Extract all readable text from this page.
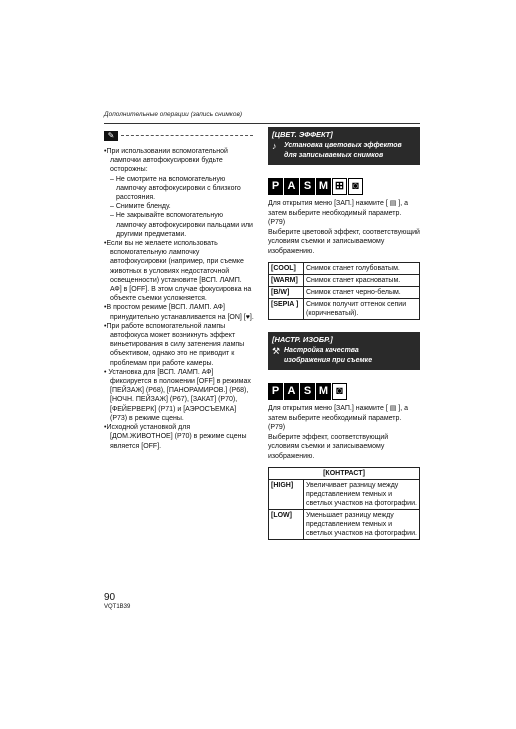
Дополнительные операции (запись снимков)
✎

•При использовании вспомогательной лампочки автофокусировки будьте осторожны:

– Не смотрите на вспомогательную лампочку автофокусировки с близкого расстояния.

– Снимите бленду.

– Не закрывайте вспомогательную лампочку автофокусировки пальцами или другими предметами.

•Если вы не желаете использовать вспомогательную лампочку автофокусировки (например, при съемке животных в условиях недостаточной освещенности) установите [ВСП. ЛАМП. АФ] в [OFF]. В этом случае фокусировка на объекте съемки усложняется.

•В простом режиме [ВСП. ЛАМП. АФ] принудительно устанавливается на [ON] [♥].

•При работе вспомогательной лампы автофокуса может возникнуть эффект виньетирования в силу затенения лампы объективом, однако это не приводит к проблемам при работе камеры.

• Установка для [ВСП. ЛАМП. АФ] фиксируется в положении [OFF] в режимах [ПЕЙЗАЖ] (P68), [ПАНОРАМИРОВ.] (P68), [НОЧН. ПЕЙЗАЖ] (P67), [ЗАКАТ] (P70), [ФЕЙЕРВЕРК] (P71) и [АЭРОСЪЕМКА] (P73) в режиме сцены.

•Исходной установкой для [ДОМ.ЖИВОТНОЕ] (P70) в режиме сцены является [OFF].

[ЦВЕТ. ЭФФЕКТ]
♪	Установка цветовых эффектов
для записываемых снимков
P A S M ⊞ ◙

Для открытия меню [ЗАП.] нажмите [ ▤ ], а затем выберите необходимый параметр. (P79)

Выберите цветовой эффект, соответствующий условиям съемки и записываемому изображению.

[COOL]	Снимок станет голубоватым.
[WARM]	Снимок станет красноватым.
[B/W]	Снимок станет черно-белым.
[SEPIA ]	Снимок получит оттенок сепии (коричневатый).
[НАСТР. ИЗОБР.]
⚒ Настройка качества
изображения при съемке
P A S M ◙

Для открытия меню [ЗАП.] нажмите [ ▤ ], а затем выберите необходимый параметр. (P79)

Выберите эффект, соответствующий условиям съемки и записываемому изображению.

[КОНТРАСТ]	
[HIGH]	Увеличивает разницу между представлением темных и светлых участков на фотографии.
[LOW]	Уменьшает разницу между представлением темных и светлых участков на фотографии.
90
VQT1B39
